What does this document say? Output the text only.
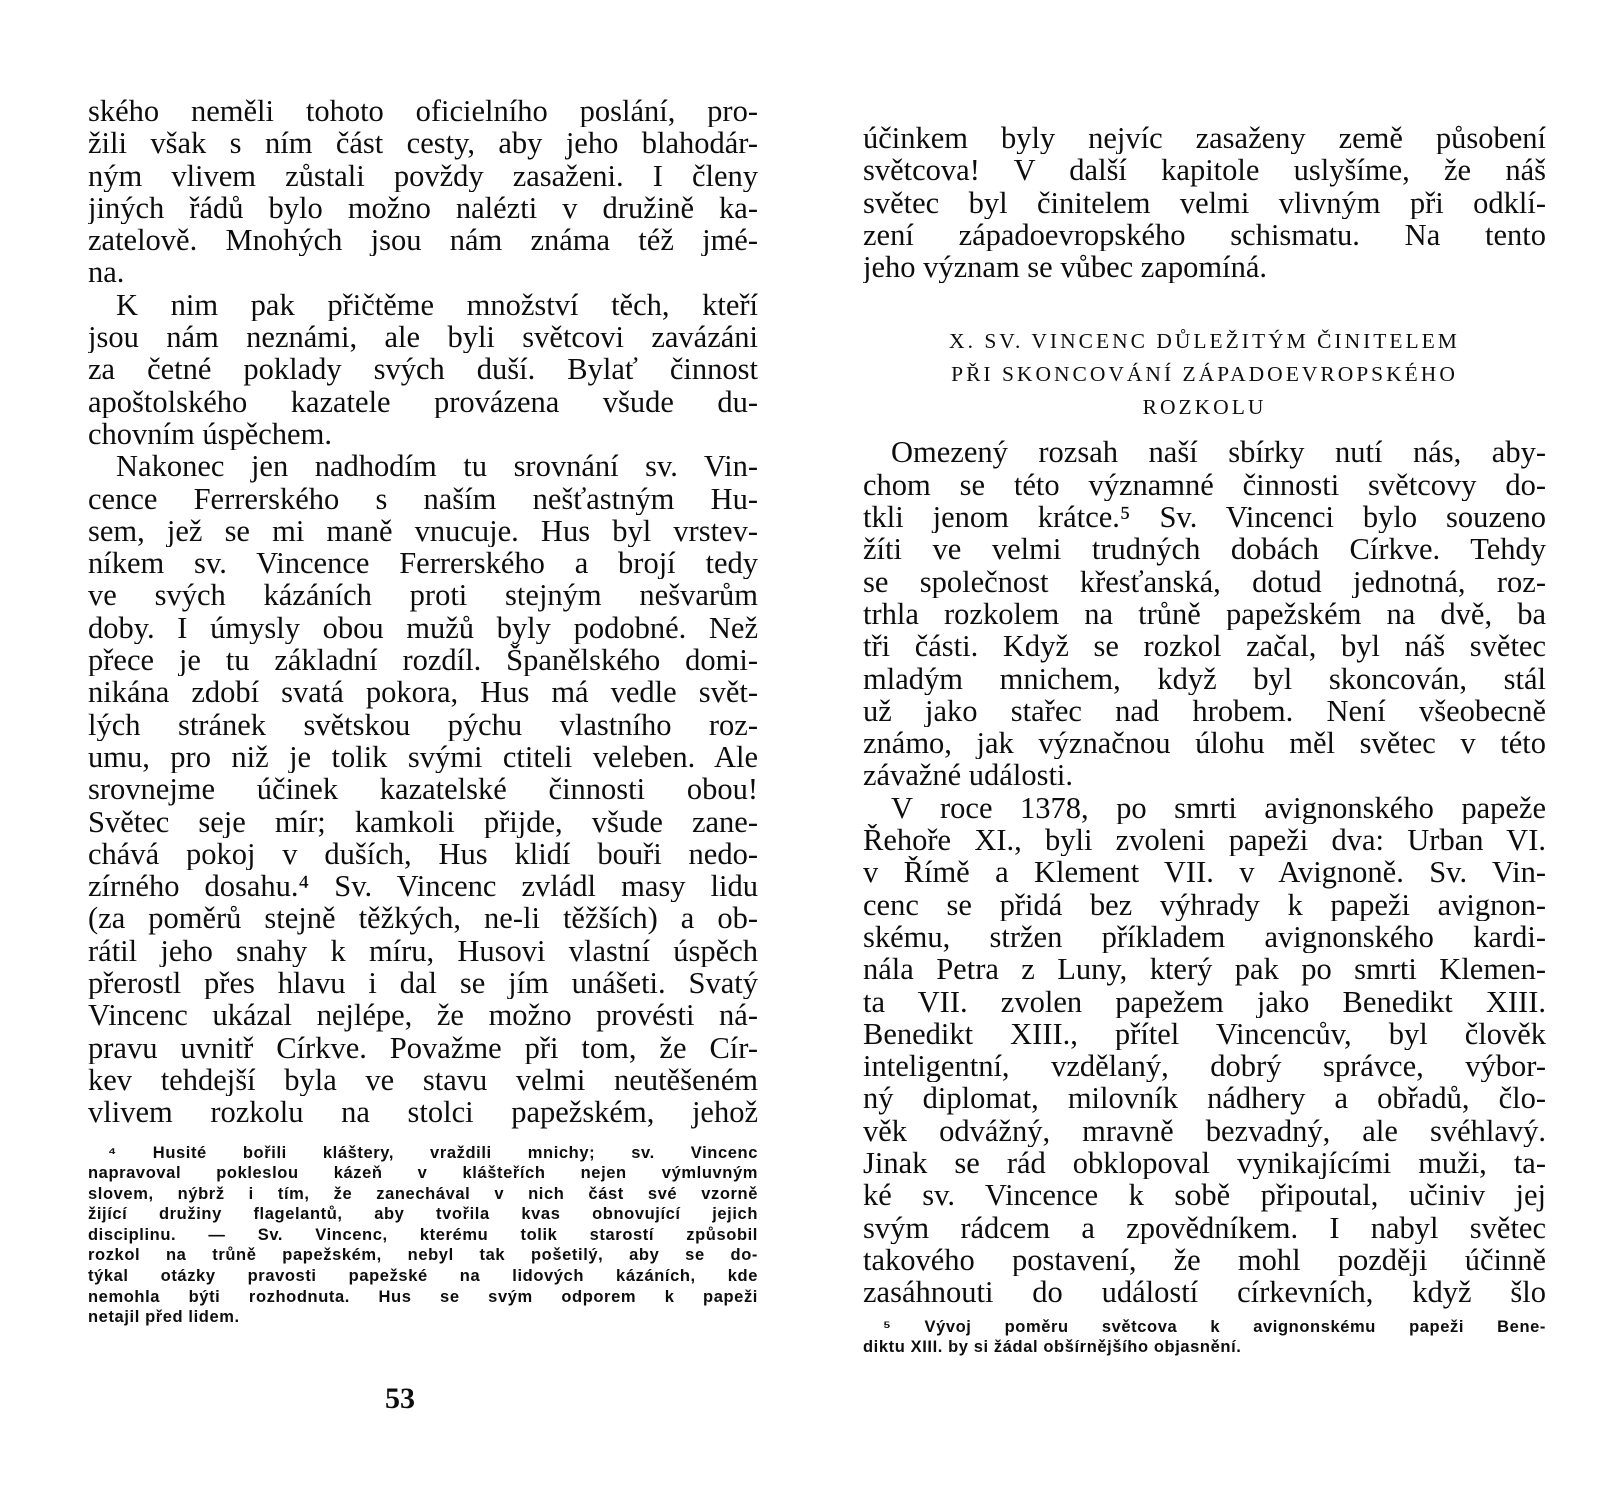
ského neměli tohoto oficielního poslání, pro-
žili však s ním část cesty, aby jeho blahodár-
ným vlivem zůstali povždy zasaženi. I členy
jiných řádů bylo možno nalézti v družině ka-
zatelově. Mnohých jsou nám známa též jmé-
na.
K nim pak přičtěme množství těch, kteří
jsou nám neznámi, ale byli světcovi zavázáni
za četné poklady svých duší. Bylať činnost
apoštolského kazatele provázena všude du-
chovním úspěchem.
Nakonec jen nadhodím tu srovnání sv. Vin-
cence Ferrerského s naším nešťastným Hu-
sem, jež se mi maně vnucuje. Hus byl vrstev-
níkem sv. Vincence Ferrerského a brojí tedy
ve svých kázáních proti stejným nešvarům
doby. I úmysly obou mužů byly podobné. Než
přece je tu základní rozdíl. Španělského domi-
nikána zdobí svatá pokora, Hus má vedle svět-
lých stránek světskou pýchu vlastního roz-
umu, pro niž je tolik svými ctiteli veleben. Ale
srovnejme účinek kazatelské činnosti obou!
Světec seje mír; kamkoli přijde, všude zane-
chává pokoj v duších, Hus klidí bouři nedo-
zírného dosahu.⁴ Sv. Vincenc zvládl masy lidu
(za poměrů stejně těžkých, ne-li těžších) a ob-
rátil jeho snahy k míru, Husovi vlastní úspěch
přerostl přes hlavu i dal se jím unášeti. Svatý
Vincenc ukázal nejlépe, že možno provésti ná-
pravu uvnitř Církve. Považme při tom, že Cír-
kev tehdejší byla ve stavu velmi neutěšeném
vlivem rozkolu na stolci papežském, jehož
⁴ Husité bořili kláštery, vraždili mnichy; sv. Vincenc
napravoval pokleslou kázeň v klášteřích nejen výmluvným
slovem, nýbrž i tím, že zanechával v nich část své vzorně
žijící družiny flagelantů, aby tvořila kvas obnovující jejich
disciplinu. — Sv. Vincenc, kterému tolik starostí způsobil
rozkol na trůně papežském, nebyl tak pošetilý, aby se do-
týkal otázky pravosti papežské na lidových kázáních, kde
nemohla býti rozhodnuta. Hus se svým odporem k papeži
netajil před lidem.
53
účinkem byly nejvíc zasaženy země působení
světcova! V další kapitole uslyšíme, že náš
světec byl činitelem velmi vlivným při odklí-
zení západoevropského schismatu. Na tento
jeho význam se vůbec zapomíná.
X. SV. VINCENC DŮLEŽITÝM ČINITELEM
PŘI SKONCOVÁNÍ ZÁPADOEVROPSKÉHO
ROZKOLU
Omezený rozsah naší sbírky nutí nás, aby-
chom se této významné činnosti světcovy do-
tkli jenom krátce.⁵ Sv. Vincenci bylo souzeno
žíti ve velmi trudných dobách Církve. Tehdy
se společnost křesťanská, dotud jednotná, roz-
trhla rozkolem na trůně papežském na dvě, ba
tři části. Když se rozkol začal, byl náš světec
mladým mnichem, když byl skoncován, stál
už jako stařec nad hrobem. Není všeobecně
známo, jak význačnou úlohu měl světec v této
závažné události.
V roce 1378, po smrti avignonského papeže
Řehoře XI., byli zvoleni papeži dva: Urban VI.
v Římě a Klement VII. v Avignoně. Sv. Vin-
cenc se přidá bez výhrady k papeži avignon-
skému, stržen příkladem avignonského kardi-
nála Petra z Luny, který pak po smrti Klemen-
ta VII. zvolen papežem jako Benedikt XIII.
Benedikt XIII., přítel Vincencův, byl člověk
inteligentní, vzdělaný, dobrý správce, výbor-
ný diplomat, milovník nádhery a obřadů, člo-
věk odvážný, mravně bezvadný, ale svéhlavý.
Jinak se rád obklopoval vynikajícími muži, ta-
ké sv. Vincence k sobě připoutal, učiniv jej
svým rádcem a zpovědníkem. I nabyl světec
takového postavení, že mohl později účinně
zasáhnouti do událostí církevních, když šlo
⁵ Vývoj poměru světcova k avignonskému papeži Bene-
diktu XIII. by si žádal obšírnějšího objasnění.
